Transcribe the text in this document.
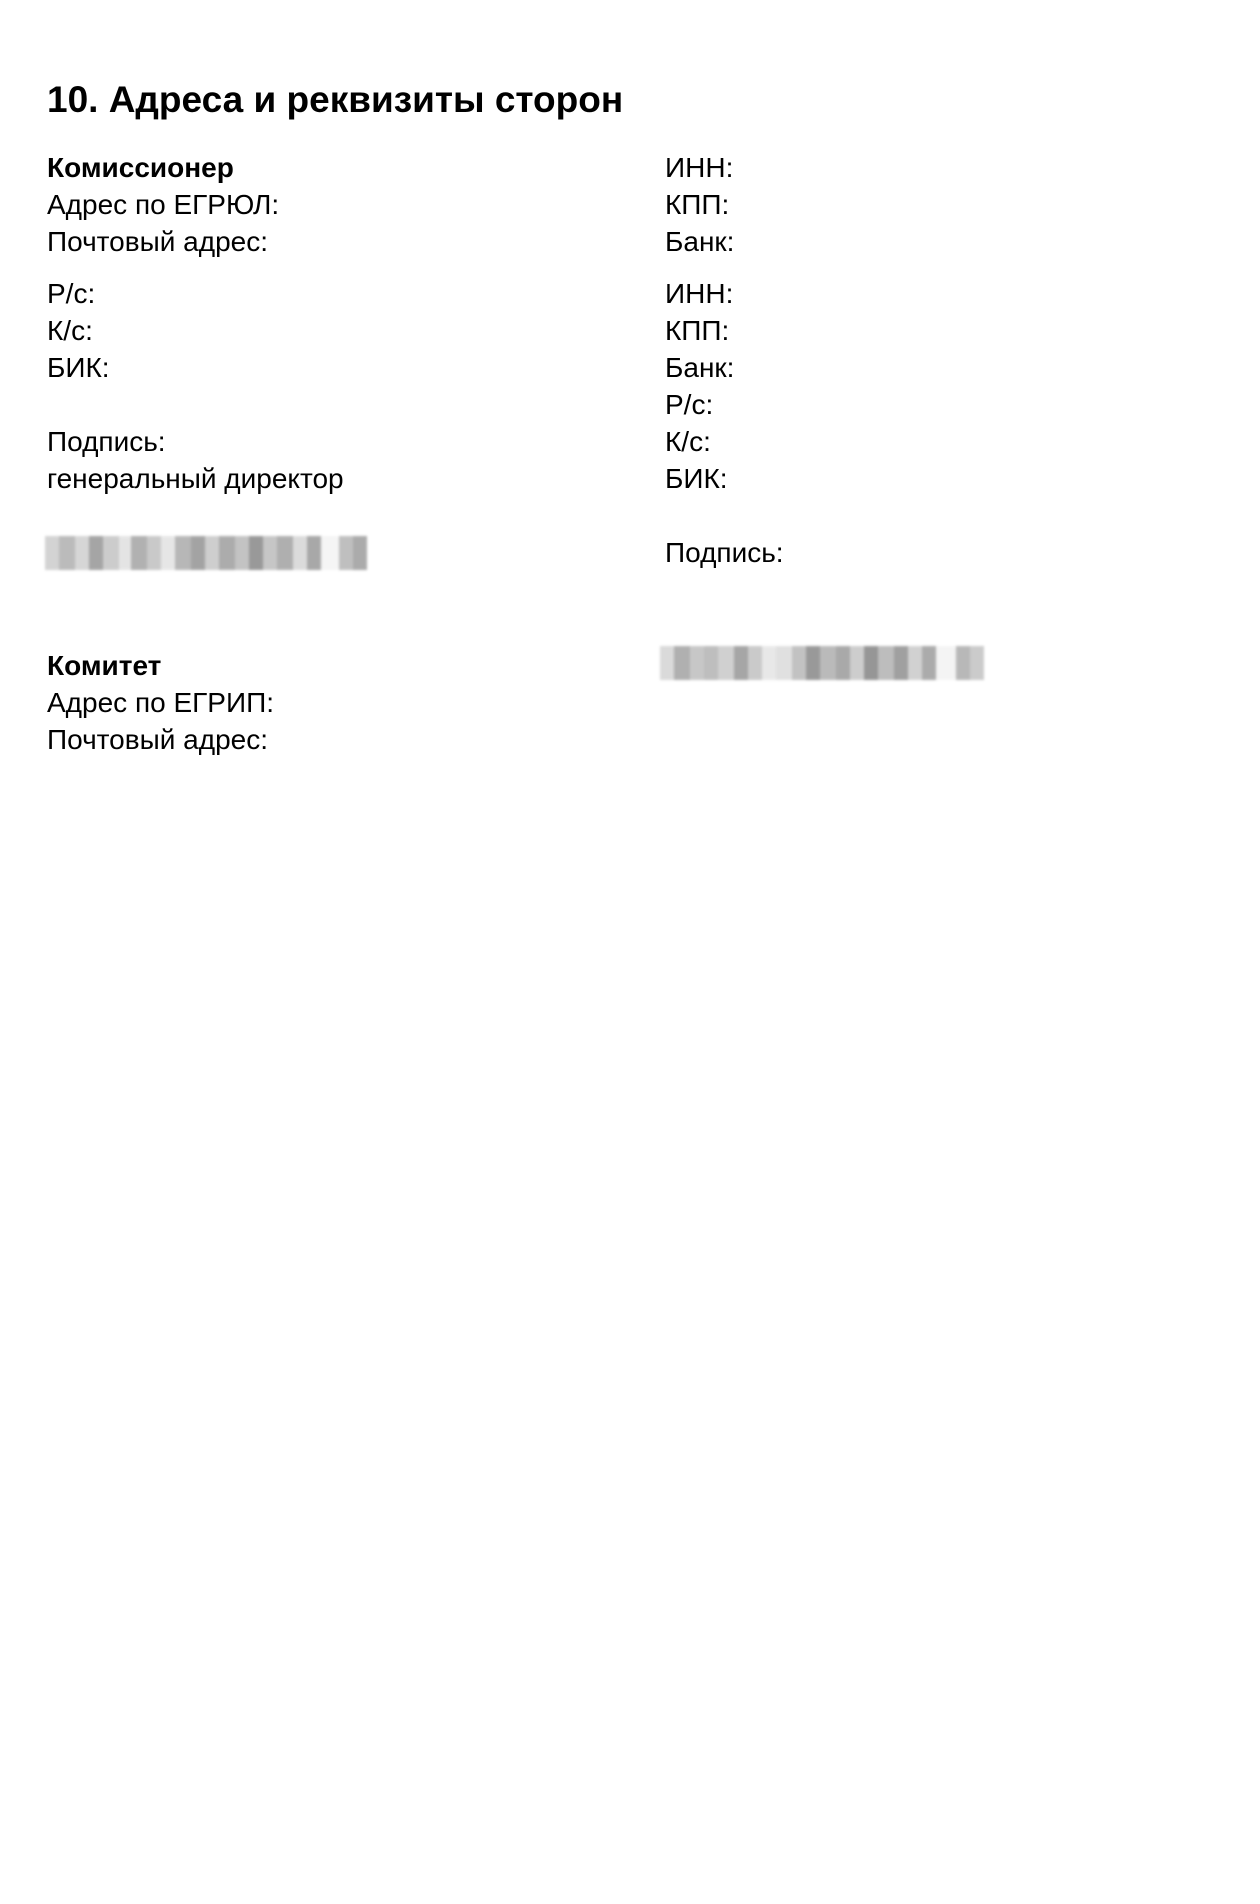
10. Адреса и реквизиты сторон
Комиссионер
Адрес по ЕГРЮЛ:
Почтовый адрес:
Р/с:
К/с:
БИК:
Подпись:
генеральный директор
Комитет
Адрес по ЕГРИП:
Почтовый адрес:
ИНН:
КПП:
Банк:
ИНН:
КПП:
Банк:
Р/с:
К/с:
БИК:
Подпись:
